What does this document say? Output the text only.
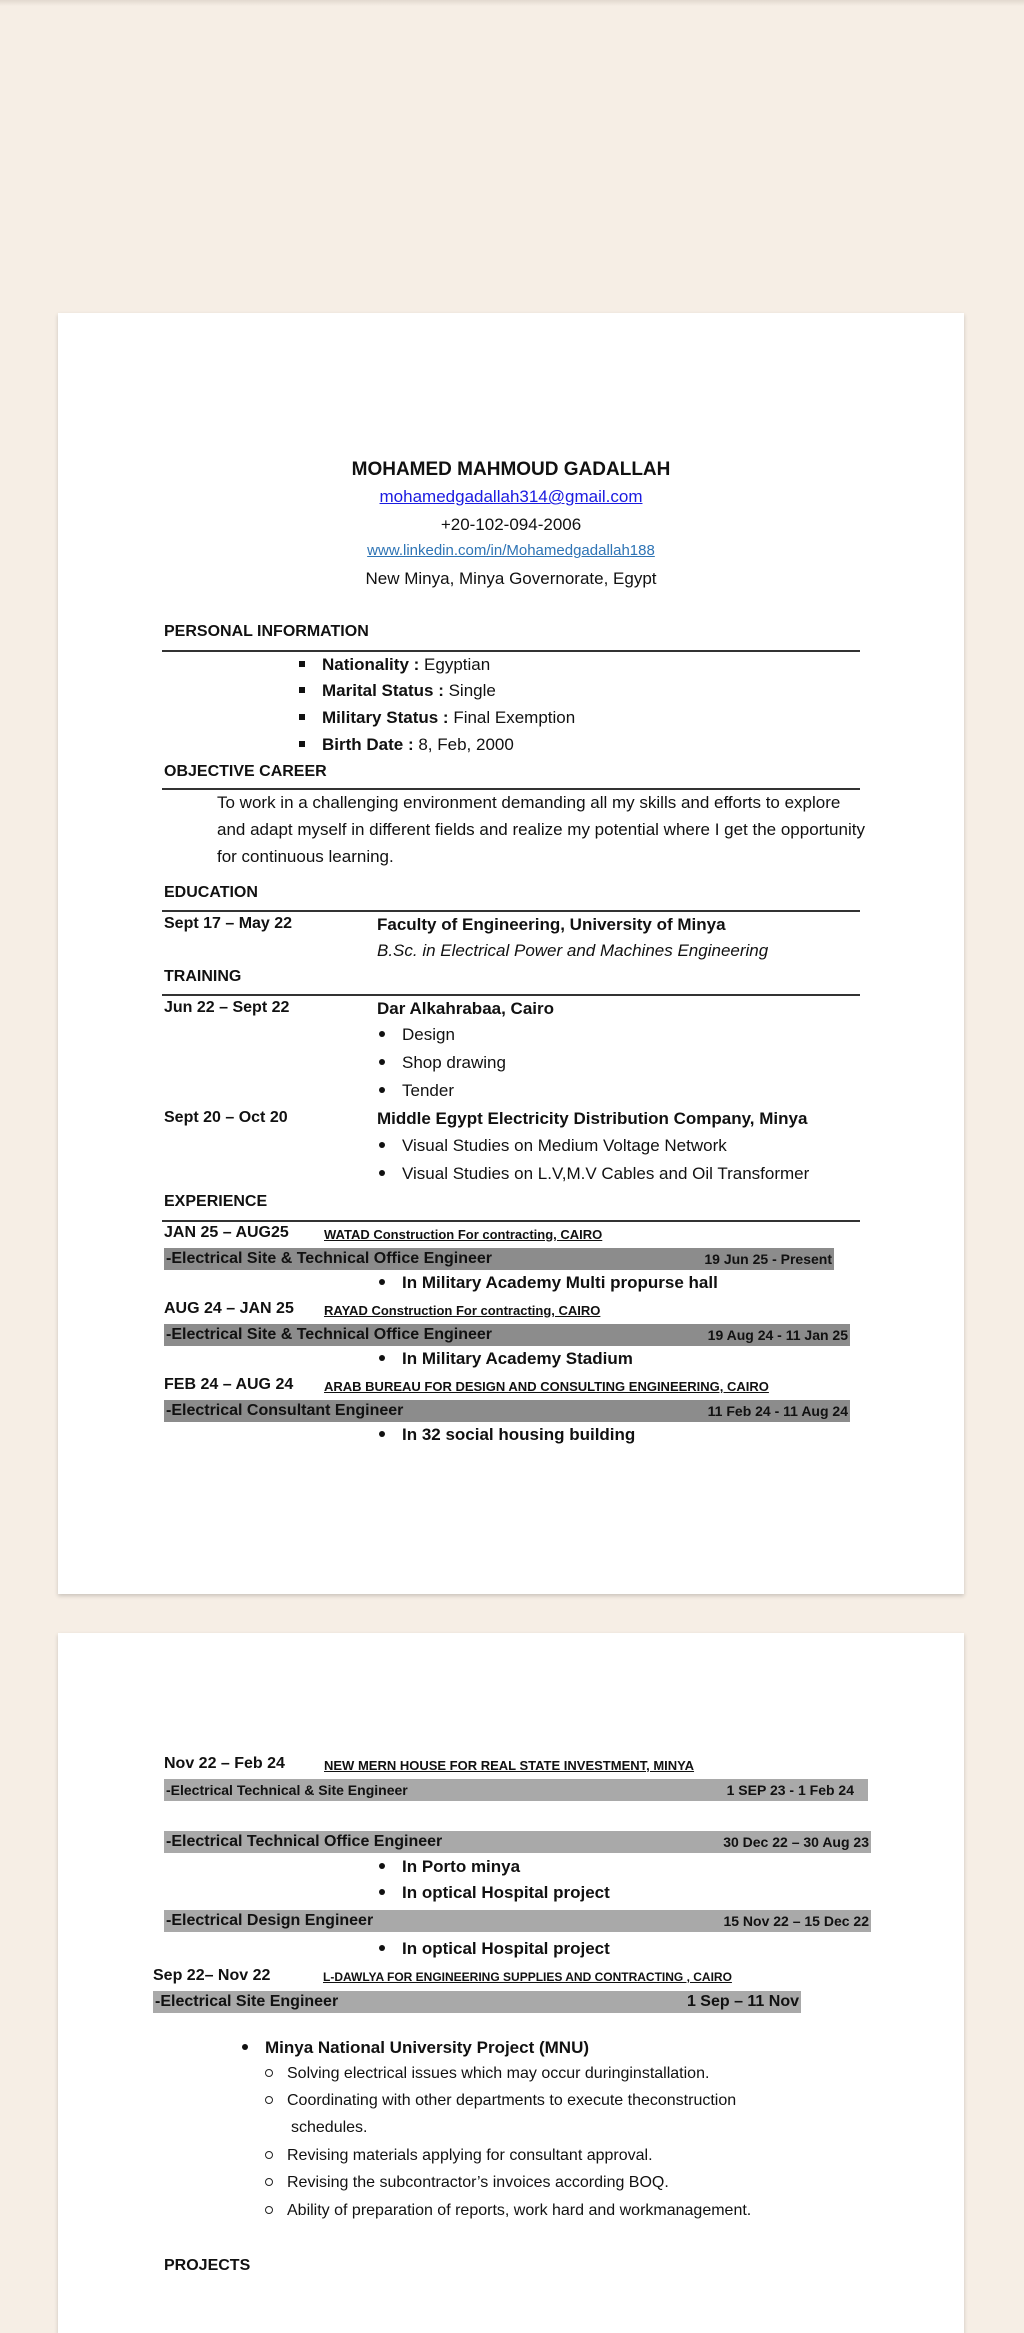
MOHAMED MAHMOUD GADALLAH
mohamedgadallah314@gmail.com
+20-102-094-2006
www.linkedin.com/in/Mohamedgadallah188
New Minya, Minya Governorate, Egypt
PERSONAL INFORMATION
Nationality : Egyptian
Marital Status : Single
Military Status : Final Exemption
Birth Date : 8, Feb, 2000
OBJECTIVE CAREER
To work in a challenging environment demanding all my skills and efforts to explore and adapt myself in different fields and realize my potential where I get the opportunity for continuous learning.
EDUCATION
Sept 17 – May 22	Faculty of Engineering, University of Minya
B.Sc. in Electrical Power and Machines Engineering
TRAINING
Jun 22 – Sept 22	Dar Alkahrabaa, Cairo
Design
Shop drawing
Tender
Sept 20 – Oct 20	Middle Egypt Electricity Distribution Company, Minya
Visual Studies on Medium Voltage Network
Visual Studies on L.V,M.V Cables and Oil Transformer
EXPERIENCE
JAN 25 – AUG25	WATAD Construction For contracting, CAIRO
-Electrical Site & Technical Office Engineer	19 Jun 25 - Present
In Military Academy Multi propurse hall
AUG 24 – JAN 25 RAYAD Construction For contracting, CAIRO
-Electrical Site & Technical Office Engineer	19 Aug 24 - 11 Jan 25
In Military Academy Stadium
FEB 24 – AUG 24 ARAB BUREAU FOR DESIGN AND CONSULTING ENGINEERING, CAIRO
-Electrical Consultant Engineer	11 Feb 24 - 11 Aug 24
In 32 social housing building
Nov 22 – Feb 24	NEW MERN HOUSE FOR REAL STATE INVESTMENT, MINYA
-Electrical Technical & Site Engineer	1 SEP 23 - 1 Feb 24
-Electrical Technical Office Engineer	30 Dec 22 – 30 Aug 23
In Porto minya
In optical Hospital project
-Electrical Design Engineer	15 Nov 22 – 15 Dec 22
In optical Hospital project
Sep 22– Nov 22	L-DAWLYA FOR ENGINEERING SUPPLIES AND CONTRACTING , CAIRO
-Electrical Site Engineer	1 Sep – 11 Nov
Minya National University Project (MNU)
Solving electrical issues which may occur duringinstallation.
Coordinating with other departments to execute theconstruction
schedules.
Revising materials applying for consultant approval.
Revising the subcontractor’s invoices according BOQ.
Ability of preparation of reports, work hard and workmanagement.
PROJECTS
